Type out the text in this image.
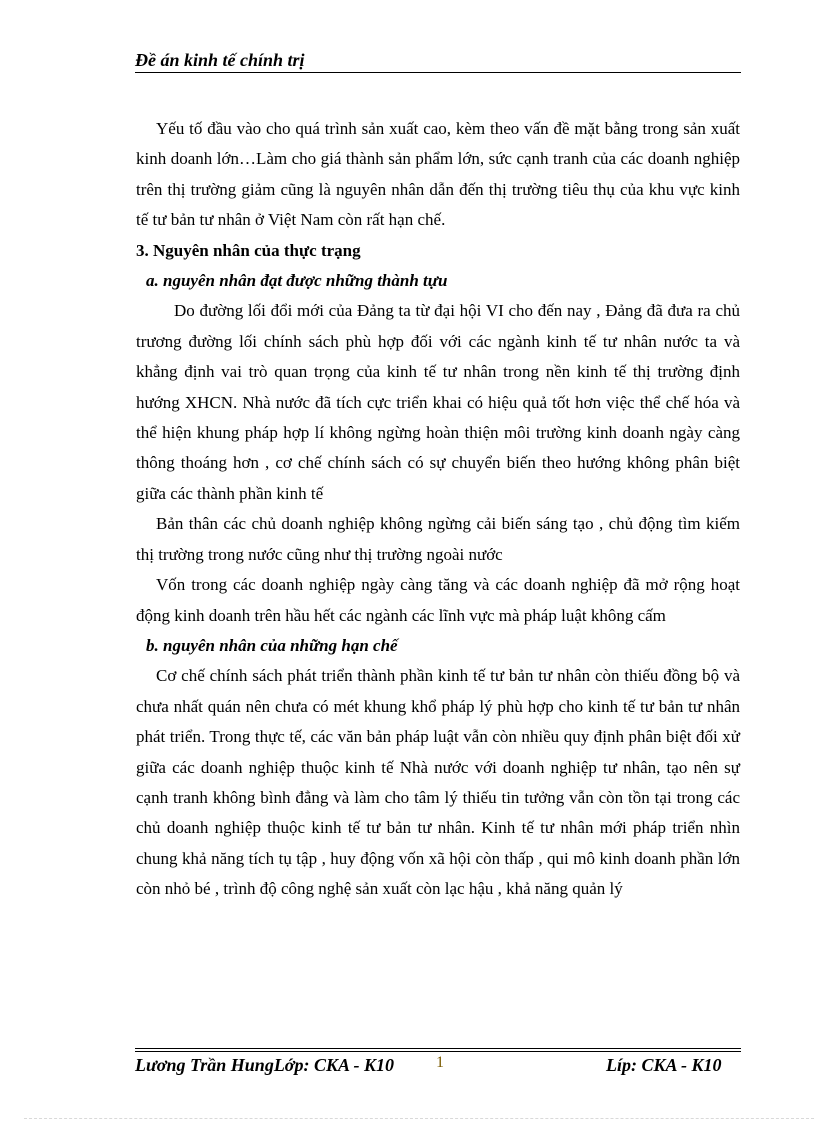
Đề án kinh tế chính trị

Yếu tố đầu vào cho quá trình sản xuất cao, kèm theo vấn đề mặt bằng trong sản xuất kinh doanh lớn…Làm cho giá thành sản phẩm lớn, sức cạnh tranh của các doanh nghiệp trên thị trường giảm cũng là nguyên nhân dẫn đến thị trường tiêu thụ của khu vực kinh tế tư bản tư nhân ở Việt Nam còn rất hạn chế.

3. Nguyên nhân của thực trạng

a. nguyên nhân đạt được những thành tựu

Do đường lối đổi mới của Đảng ta từ đại hội VI cho đến nay , Đảng đã đưa ra chủ trương đường lối chính sách phù hợp đối với các ngành kinh tế tư nhân nước ta và khẳng định vai trò quan trọng của kinh tế tư nhân trong nền kinh tế thị trường định hướng XHCN. Nhà nước đã tích cực triển khai có hiệu quả tốt hơn việc thể chế hóa và thể hiện khung pháp hợp lí không ngừng hoàn thiện môi trường kinh doanh ngày càng thông thoáng hơn , cơ chế chính sách có sự chuyển biến theo hướng không phân biệt giữa các thành phần kinh tế

Bản thân các chủ doanh nghiệp không ngừng cải biến sáng tạo , chủ động tìm kiếm thị trường trong nước cũng như thị trường ngoài nước

Vốn trong các doanh nghiệp ngày càng tăng và các doanh nghiệp đã mở rộng hoạt động kinh doanh trên hầu hết các ngành các lĩnh vực mà pháp luật không cấm

b. nguyên nhân của những hạn chế

Cơ chế chính sách phát triển thành phần kinh tế tư bản tư nhân còn thiếu đồng bộ và chưa nhất quán nên chưa có mét khung khổ pháp lý phù hợp cho kinh tế tư bản tư nhân phát triển. Trong thực tế, các văn bản pháp luật vẫn còn nhiều quy định phân biệt đối xử giữa các doanh nghiệp thuộc kinh tế Nhà nước với doanh nghiệp tư nhân, tạo nên sự cạnh tranh không bình đẳng và làm cho tâm lý thiếu tin tưởng vẫn còn tồn tại trong các chủ doanh nghiệp thuộc kinh tế tư bản tư nhân. Kinh tế tư nhân mới pháp triển nhìn chung khả năng tích tụ tập , huy động vốn xã hội còn thấp , qui mô kinh doanh phần lớn còn nhỏ bé , trình độ công nghệ sản xuất còn lạc hậu , khả năng quản lý

Lương Trần HungLớp: CKA - K10	1	Líp: CKA - K10
